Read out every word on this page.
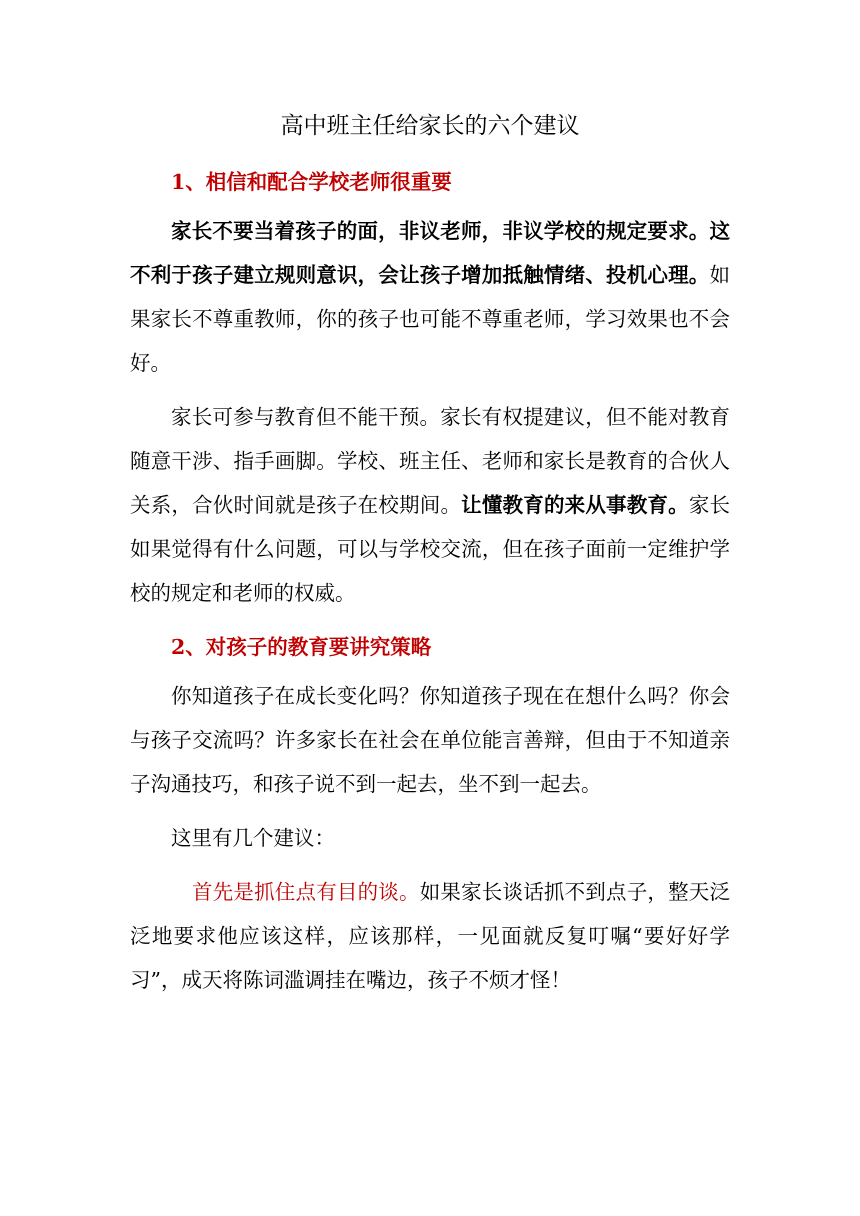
高中班主任给家长的六个建议
1、相信和配合学校老师很重要

家长不要当着孩子的面，非议老师，非议学校的规定要求。这不利于孩子建立规则意识，会让孩子增加抵触情绪、投机心理。如果家长不尊重教师，你的孩子也可能不尊重老师，学习效果也不会好。

家长可参与教育但不能干预。家长有权提建议，但不能对教育随意干涉、指手画脚。学校、班主任、老师和家长是教育的合伙人关系，合伙时间就是孩子在校期间。让懂教育的来从事教育。家长如果觉得有什么问题，可以与学校交流，但在孩子面前一定维护学校的规定和老师的权威。

2、对孩子的教育要讲究策略

你知道孩子在成长变化吗？你知道孩子现在在想什么吗？你会与孩子交流吗？许多家长在社会在单位能言善辩，但由于不知道亲子沟通技巧，和孩子说不到一起去，坐不到一起去。

这里有几个建议：

首先是抓住点有目的谈。如果家长谈话抓不到点子，整天泛泛地要求他应该这样，应该那样，一见面就反复叮嘱“要好好学习”，成天将陈词滥调挂在嘴边，孩子不烦才怪！
